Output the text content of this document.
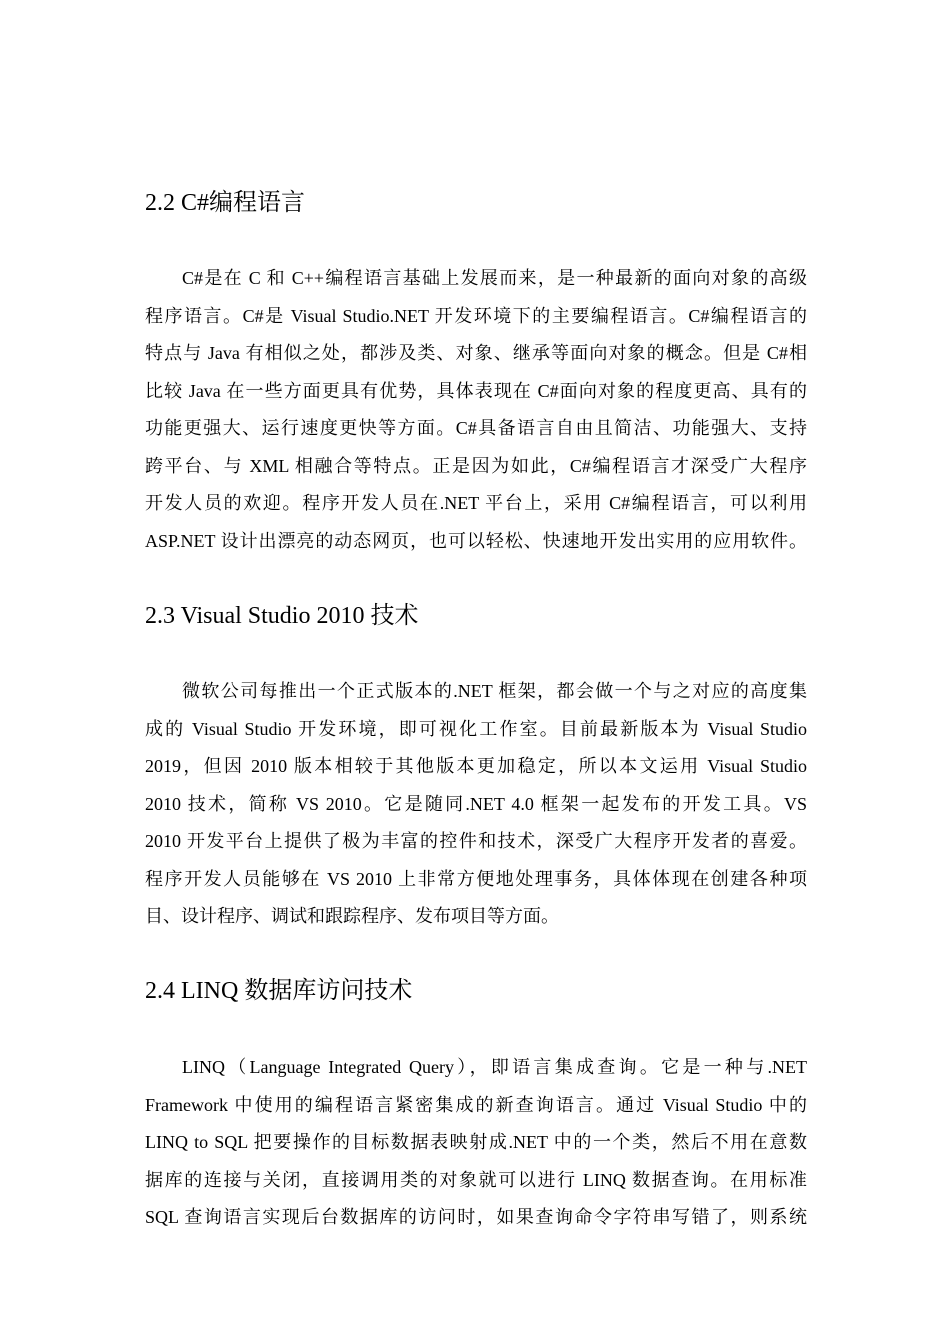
2.2 C#编程语言
C#是在 C 和 C++编程语言基础上发展而来，是一种最新的面向对象的高级
程序语言。C#是 Visual Studio.NET 开发环境下的主要编程语言。C#编程语言的
特点与 Java 有相似之处，都涉及类、对象、继承等面向对象的概念。但是 C#相
比较 Java 在一些方面更具有优势，具体表现在 C#面向对象的程度更高、具有的
功能更强大、运行速度更快等方面。C#具备语言自由且简洁、功能强大、支持
跨平台、与 XML 相融合等特点。正是因为如此，C#编程语言才深受广大程序
开发人员的欢迎。程序开发人员在.NET 平台上，采用 C#编程语言，可以利用
ASP.NET 设计出漂亮的动态网页，也可以轻松、快速地开发出实用的应用软件。
2.3 Visual Studio 2010 技术
微软公司每推出一个正式版本的.NET 框架，都会做一个与之对应的高度集
成的 Visual Studio 开发环境，即可视化工作室。目前最新版本为 Visual Studio
2019，但因 2010 版本相较于其他版本更加稳定，所以本文运用 Visual Studio
2010 技术，简称 VS 2010。它是随同.NET 4.0 框架一起发布的开发工具。VS
2010 开发平台上提供了极为丰富的控件和技术，深受广大程序开发者的喜爱。
程序开发人员能够在 VS 2010 上非常方便地处理事务，具体体现在创建各种项
目、设计程序、调试和跟踪程序、发布项目等方面。
2.4 LINQ 数据库访问技术
LINQ（Language Integrated Query），即语言集成查询。它是一种与.NET
Framework 中使用的编程语言紧密集成的新查询语言。通过 Visual Studio 中的
LINQ to SQL 把要操作的目标数据表映射成.NET 中的一个类，然后不用在意数
据库的连接与关闭，直接调用类的对象就可以进行 LINQ 数据查询。在用标准
SQL 查询语言实现后台数据库的访问时，如果查询命令字符串写错了，则系统
